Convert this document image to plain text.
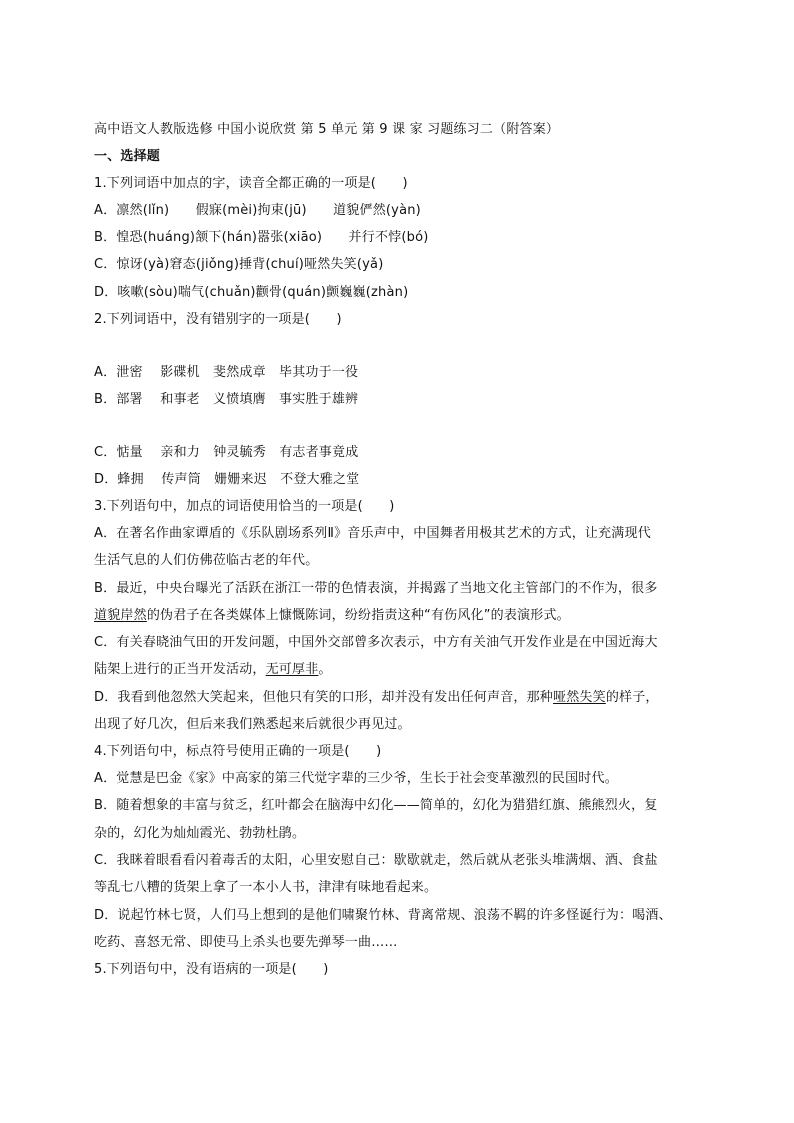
高中语文人教版选修 中国小说欣赏 第 5 单元 第 9 课 家 习题练习二（附答案）
一、选择题
1.下列词语中加点的字，读音全都正确的一项是(　　)
A．凛然(lǐn)　　假寐(mèi)拘束(jū)　　道貌俨然(yàn)
B．惶恐(huáng)颔下(hán)嚣张(xiāo)　　并行不悖(bó)
C．惊讶(yà)窘态(jiǒng)捶背(chuí)哑然失笑(yǎ)
D．咳嗽(sòu)喘气(chuǎn)颧骨(quán)颤巍巍(zhàn)
2.下列词语中，没有错别字的一项是(　　)
A．泄密　 影碟机　斐然成章　毕其功于一役
B．部署　 和事老　义愤填膺　事实胜于雄辨
C．惦量　 亲和力　钟灵毓秀　有志者事竟成
D．蜂拥　 传声筒　姗姗来迟　不登大雅之堂
3.下列语句中，加点的词语使用恰当的一项是(　　)
A．在著名作曲家谭盾的《乐队剧场系列Ⅱ》音乐声中，中国舞者用极其艺术的方式，让充满现代
生活气息的人们仿佛莅临古老的年代。
B．最近，中央台曝光了活跃在浙江一带的色情表演，并揭露了当地文化主管部门的不作为，很多
道貌岸然的伪君子在各类媒体上慷慨陈词，纷纷指责这种“有伤风化”的表演形式。
C．有关春晓油气田的开发问题，中国外交部曾多次表示，中方有关油气开发作业是在中国近海大
陆架上进行的正当开发活动，无可厚非。
D．我看到他忽然大笑起来，但他只有笑的口形，却并没有发出任何声音，那种哑然失笑的样子，
出现了好几次，但后来我们熟悉起来后就很少再见过。
4.下列语句中，标点符号使用正确的一项是(　　)
A．觉慧是巴金《家》中高家的第三代觉字辈的三少爷，生长于社会变革激烈的民国时代。
B．随着想象的丰富与贫乏，红叶都会在脑海中幻化——简单的，幻化为猎猎红旗、熊熊烈火，复
杂的，幻化为灿灿霞光、勃勃杜鹃。
C．我眯着眼看看闪着毒舌的太阳，心里安慰自己：歇歇就走，然后就从老张头堆满烟、酒、食盐
等乱七八糟的货架上拿了一本小人书，津津有味地看起来。
D．说起竹林七贤，人们马上想到的是他们啸聚竹林、背离常规、浪荡不羁的许多怪诞行为：喝酒、
吃药、喜怒无常、即使马上杀头也要先弹琴一曲……
5.下列语句中，没有语病的一项是(　　)
